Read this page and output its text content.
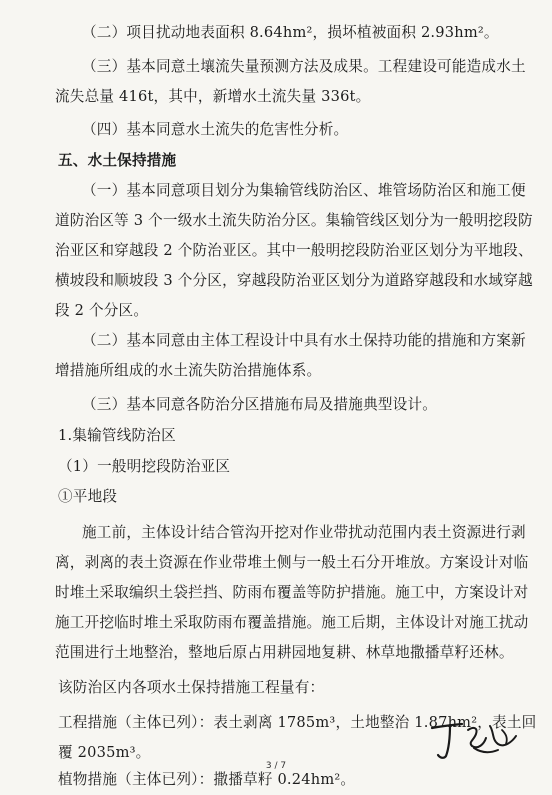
（二）项目扰动地表面积 8.64hm²，损坏植被面积 2.93hm²。
（三）基本同意土壤流失量预测方法及成果。工程建设可能造成水土
流失总量 416t，其中，新增水土流失量 336t。
（四）基本同意水土流失的危害性分析。
五、水土保持措施
（一）基本同意项目划分为集输管线防治区、堆管场防治区和施工便
道防治区等 3 个一级水土流失防治分区。集输管线区划分为一般明挖段防
治亚区和穿越段 2 个防治亚区。其中一般明挖段防治亚区划分为平地段、
横坡段和顺坡段 3 个分区，穿越段防治亚区划分为道路穿越段和水域穿越
段 2 个分区。
（二）基本同意由主体工程设计中具有水土保持功能的措施和方案新
增措施所组成的水土流失防治措施体系。
（三）基本同意各防治分区措施布局及措施典型设计。
1.集输管线防治区
（1）一般明挖段防治亚区
①平地段
施工前，主体设计结合管沟开挖对作业带扰动范围内表土资源进行剥
离，剥离的表土资源在作业带堆土侧与一般土石分开堆放。方案设计对临
时堆土采取编织土袋拦挡、防雨布覆盖等防护措施。施工中，方案设计对
施工开挖临时堆土采取防雨布覆盖措施。施工后期，主体设计对施工扰动
范围进行土地整治，整地后原占用耕园地复耕、林草地撒播草籽还林。
该防治区内各项水土保持措施工程量有：
工程措施（主体已列）：表土剥离 1785m³，土地整治 1.87hm²，表土回
覆 2035m³。
植物措施（主体已列）：撒播草籽 0.24hm²。
3 / 7
